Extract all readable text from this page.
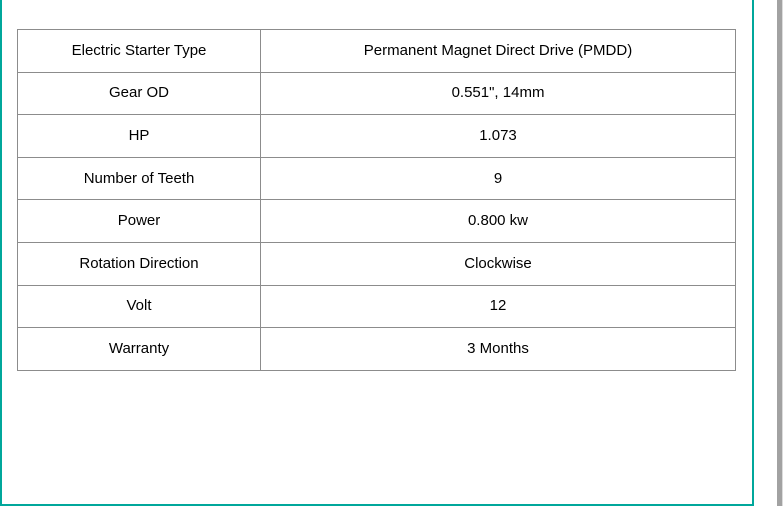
Electric Starter Type	Permanent Magnet Direct Drive (PMDD)
Gear OD	0.551", 14mm
HP	1.073
Number of Teeth	9
Power	0.800 kw
Rotation Direction	Clockwise
Volt	12
Warranty	3 Months
